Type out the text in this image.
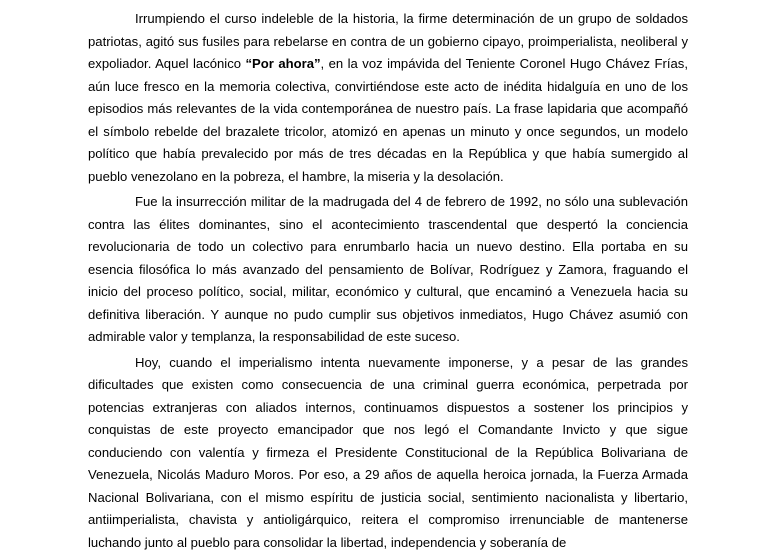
Irrumpiendo el curso indeleble de la historia, la firme determinación de un grupo de soldados patriotas, agitó sus fusiles para rebelarse en contra de un gobierno cipayo, proimperialista, neoliberal y expoliador. Aquel lacónico “Por ahora”, en la voz impávida del Teniente Coronel Hugo Chávez Frías, aún luce fresco en la memoria colectiva, convirtiéndose este acto de inédita hidalguía en uno de los episodios más relevantes de la vida contemporánea de nuestro país. La frase lapidaria que acompañó el símbolo rebelde del brazalete tricolor, atomizó en apenas un minuto y once segundos, un modelo político que había prevalecido por más de tres décadas en la República y que había sumergido al pueblo venezolano en la pobreza, el hambre, la miseria y la desolación.

Fue la insurrección militar de la madrugada del 4 de febrero de 1992, no sólo una sublevación contra las élites dominantes, sino el acontecimiento trascendental que despertó la conciencia revolucionaria de todo un colectivo para enrumbarlo hacia un nuevo destino. Ella portaba en su esencia filosófica lo más avanzado del pensamiento de Bolívar, Rodríguez y Zamora, fraguando el inicio del proceso político, social, militar, económico y cultural, que encaminó a Venezuela hacia su definitiva liberación. Y aunque no pudo cumplir sus objetivos inmediatos, Hugo Chávez asumió con admirable valor y templanza, la responsabilidad de este suceso.

Hoy, cuando el imperialismo intenta nuevamente imponerse, y a pesar de las grandes dificultades que existen como consecuencia de una criminal guerra económica, perpetrada por potencias extranjeras con aliados internos, continuamos dispuestos a sostener los principios y conquistas de este proyecto emancipador que nos legó el Comandante Invicto y que sigue conduciendo con valentía y firmeza el Presidente Constitucional de la República Bolivariana de Venezuela, Nicolás Maduro Moros. Por eso, a 29 años de aquella heroica jornada, la Fuerza Armada Nacional Bolivariana, con el mismo espíritu de justicia social, sentimiento nacionalista y libertario, antiimperialista, chavista y antioligárquico, reitera el compromiso irrenunciable de mantenerse luchando junto al pueblo para consolidar la libertad, independencia y soberanía de
